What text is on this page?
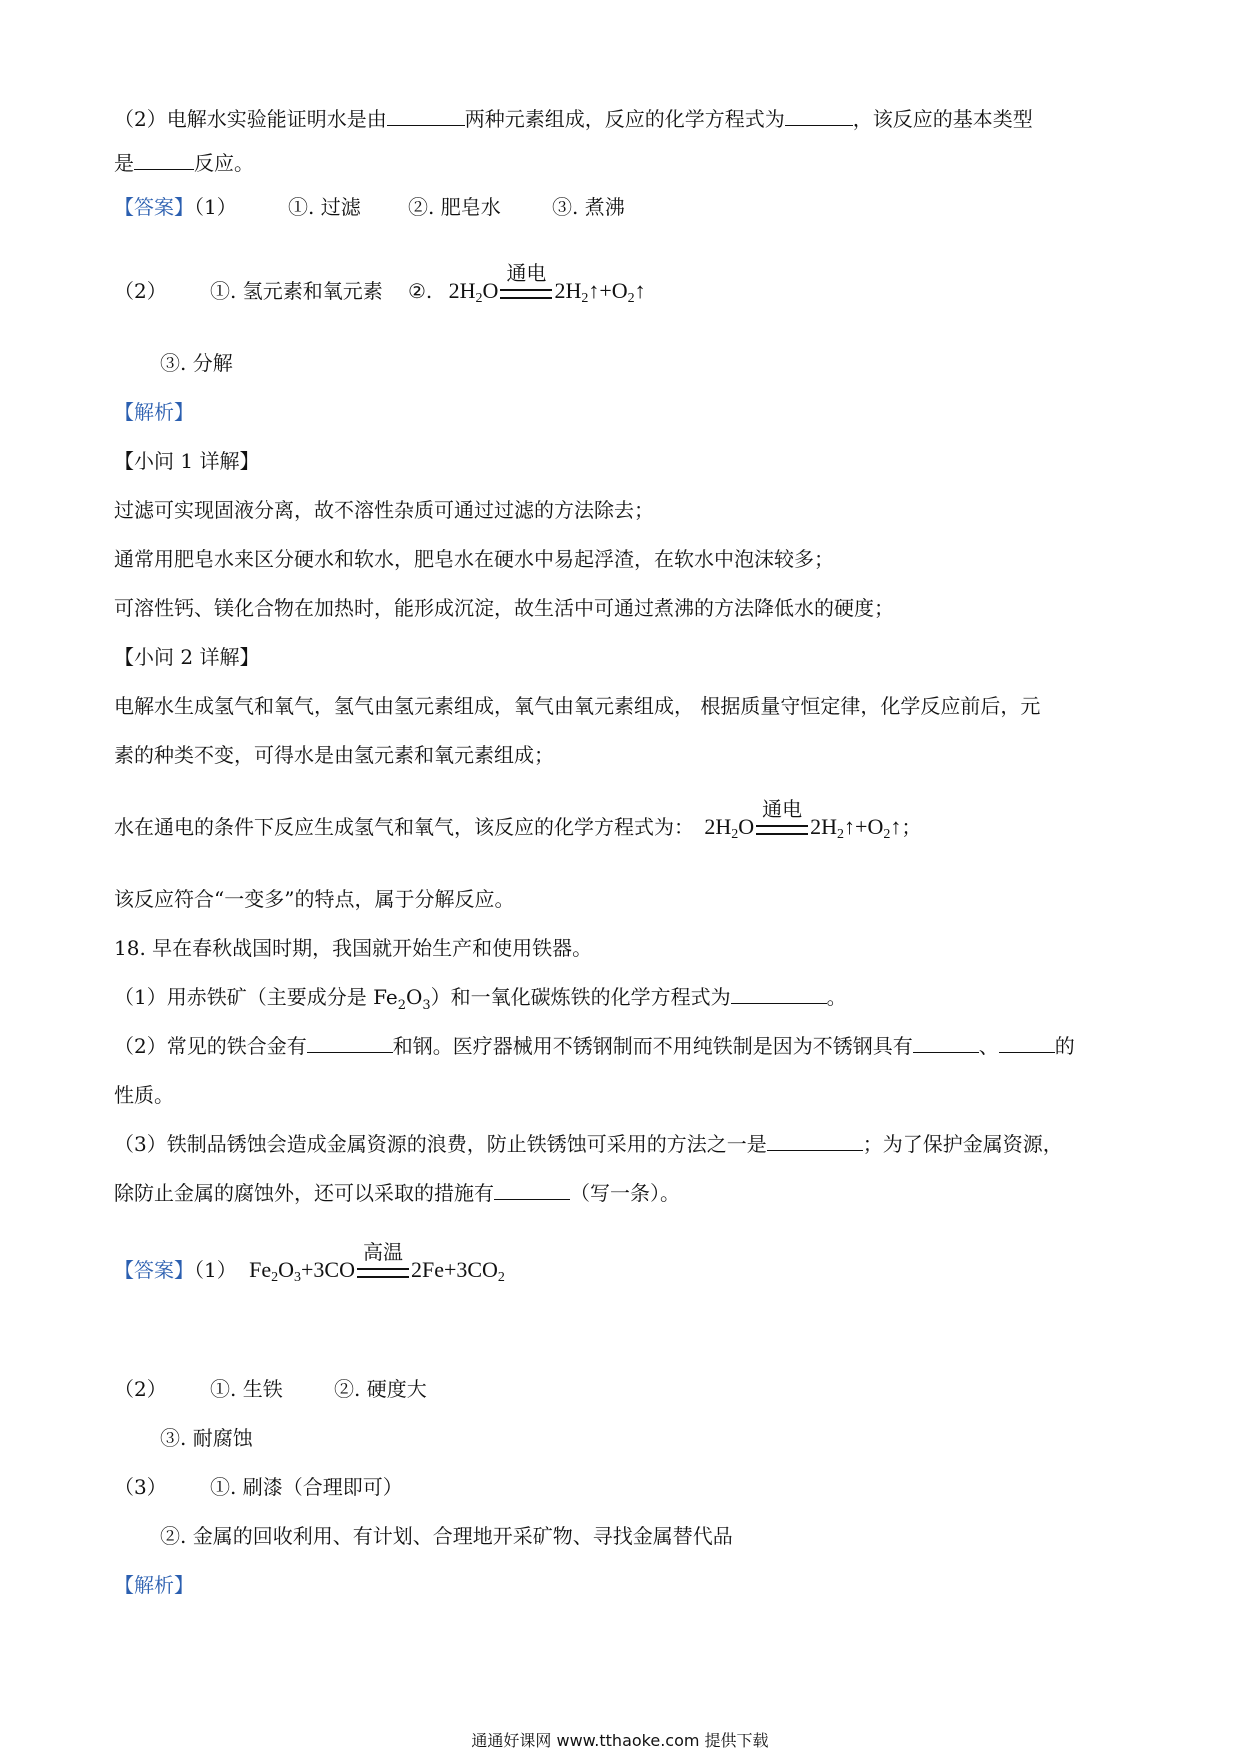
（2）电解水实验能证明水是由	两种元素组成，反应的化学方程式为	，该反应的基本类型
是	反应。
【答案】（1）	①. 过滤 ②. 肥皂水	③. 煮沸
（2） ①. 氢元素和氧元素 ②. $2H_2O$
通电
$2H_2↑+O_2↑$
③. 分解
【解析】
【小问 1 详解】
过滤可实现固液分离，故不溶性杂质可通过过滤的方法除去；
通常用肥皂水来区分硬水和软水，肥皂水在硬水中易起浮渣，在软水中泡沫较多；
可溶性钙、镁化合物在加热时，能形成沉淀，故生活中可通过煮沸的方法降低水的硬度；
【小问 2 详解】
电解水生成氢气和氧气，氢气由氢元素组成，氧气由氧元素组成， 根据质量守恒定律，化学反应前后，元
素的种类不变，可得水是由氢元素和氧元素组成；
水在通电的条件下反应生成氢气和氧气，该反应的化学方程式为： $2H_2O$
通电
$2H_2↑+O_2↑$；
该反应符合“一变多”的特点，属于分解反应。
18. 早在春秋战国时期，我国就开始生产和使用铁器。
（1）用赤铁矿（主要成分是 $Fe_2O_3$）和一氧化碳炼铁的化学方程式为	。
（2）常见的铁合金有	和钢。医疗器械用不锈钢制而不用纯铁制是因为不锈钢具有	、	的
性质。
（3）铁制品锈蚀会造成金属资源的浪费，防止铁锈蚀可采用的方法之一是	；为了保护金属资源，
除防止金属的腐蚀外，还可以采取的措施有	（写一条）。
【答案】（1） $Fe_2O_3+3CO$
高温
$2Fe+3CO_2$
（2） ①. 生铁	②. 硬度大
③. 耐腐蚀
（3） ①. 刷漆（合理即可）
②. 金属的回收利用、有计划、合理地开采矿物、寻找金属替代品
【解析】
通通好课网 www.tthaoke.com 提供下载
